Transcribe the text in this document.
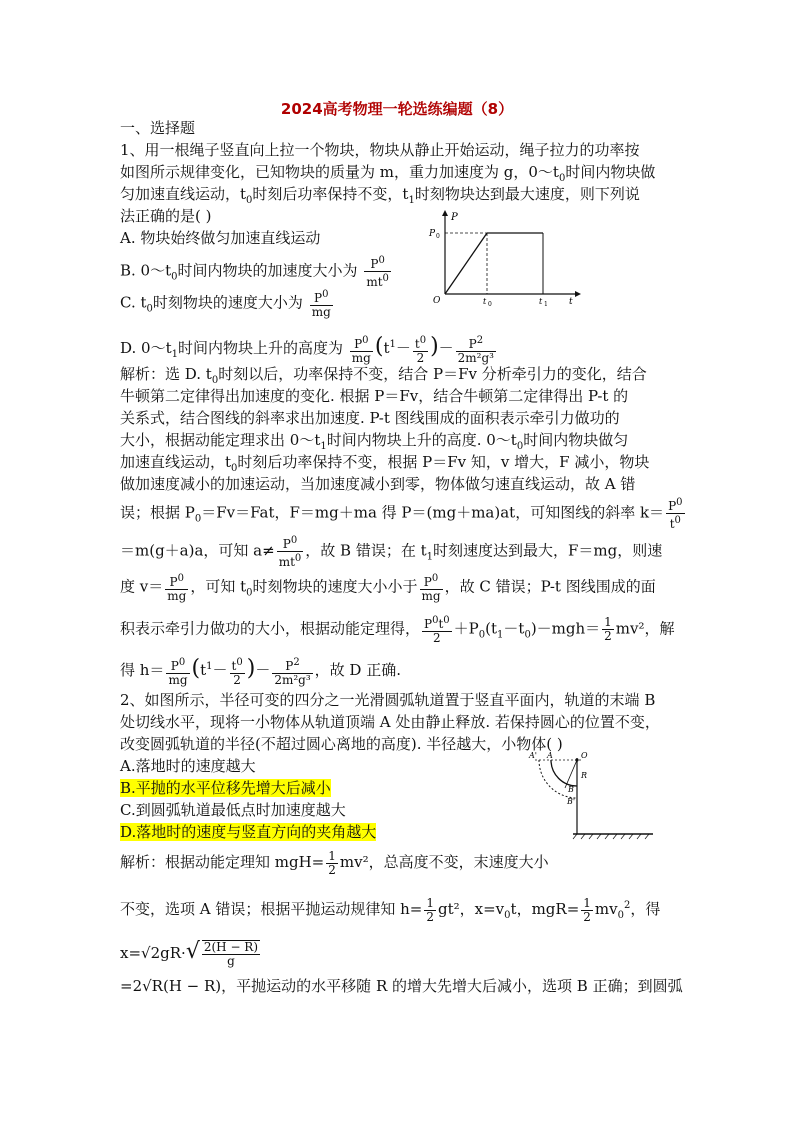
2024高考物理一轮选练编题（8）
一、选择题
1、用一根绳子竖直向上拉一个物块，物块从静止开始运动，绳子拉力的功率按
如图所示规律变化，已知物块的质量为 m，重力加速度为 g，$0\sim t_0$时间内物块做
匀加速直线运动，$t_0$时刻后功率保持不变，$t_1$时刻物块达到最大速度，则下列说
法正确的是( )
A. 物块始终做匀加速直线运动
B. $0\sim t_0$时间内物块的加速度大小为 $\frac{P^0}{mt^0}$
C. $t_0$时刻物块的速度大小为 $\frac{P^0}{mg}$
D. $0\sim t_1$时间内物块上升的高度为 $\frac{P^0}{mg} (t^1- \frac{t^0}{2}$ )－ $\frac{P^2}{\text{2m²g³}}$
P
P 0
O	t 0	t 1 t
解析：选 D. $t_0$时刻以后，功率保持不变，结合 P＝Fv 分析牵引力的变化，结合
牛顿第二定律得出加速度的变化. 根据 P＝Fv，结合牛顿第二定律得出 P-t 的
关系式，结合图线的斜率求出加速度. P-t 图线围成的面积表示牵引力做功的
大小，根据动能定理求出 $0\sim t_1$时间内物块上升的高度. $0\sim t_0$时间内物块做匀
加速直线运动，$t_0$时刻后功率保持不变，根据 P＝Fv 知，v 增大，F 减小，物块
做加速度减小的加速运动，当加速度减小到零，物体做匀速直线运动，故 A 错
误；根据 $P_0=Fv=Fat$，F＝mg＋ma 得 P＝(mg＋ma)at，可知图线的斜率 $k= \frac{P^0}{t^0}$
＝m(g＋a)a，可知 $a\ne \frac{P^0}{mt^0}$ ，故 B 错误；在 $t_1$时刻速度达到最大，F＝mg，则速
度 $v= \frac{P^0}{mg}$ ，可知 $t_0$时刻物块的速度大小小于 $\frac{P^0}{mg}$ ，故 C 错误；P-t 图线围成的面
积表示牵引力做功的大小，根据动能定理得， $\frac{P^0t^0}{2} +P_0(t_1-t_0)-mgh= \frac{1}{2} mv^2$，解
得 $h= \frac{P^0}{mg} (t^1- \frac{t^0}{2}$ )－ $\frac{P^2}{\text{2m²g³}}$ ，故 D 正确.
2、如图所示，半径可变的四分之一光滑圆弧轨道置于竖直平面内，轨道的末端 B
处切线水平，现将一小物体从轨道顶端 A 处由静止释放. 若保持圆心的位置不变，
改变圆弧轨道的半径(不超过圆心离地的高度). 半径越大，小物体( )
A.落地时的速度越大
B.平抛的水平位移先增大后减小
C.到圆弧轨道最低点时加速度越大
D.落地时的速度与竖直方向的夹角越大
A' A	O
R
B
B'
解析：根据动能定理知 $mgH= \frac{1}{2} mv^2$，总高度不变，末速度大小
不变，选项 A 错误；根据平抛运动规律知 $h= \frac{1}{2} gt^2$，$x=v_0t$，$mgR= \frac{1}{2} mv_0^2$，得
$x=√2gR\cdot√ \frac{2(H - R)}{g}$
=2√R(H − R)，平抛运动的水平移随 R 的增大先增大后减小，选项 B 正确；到圆弧
